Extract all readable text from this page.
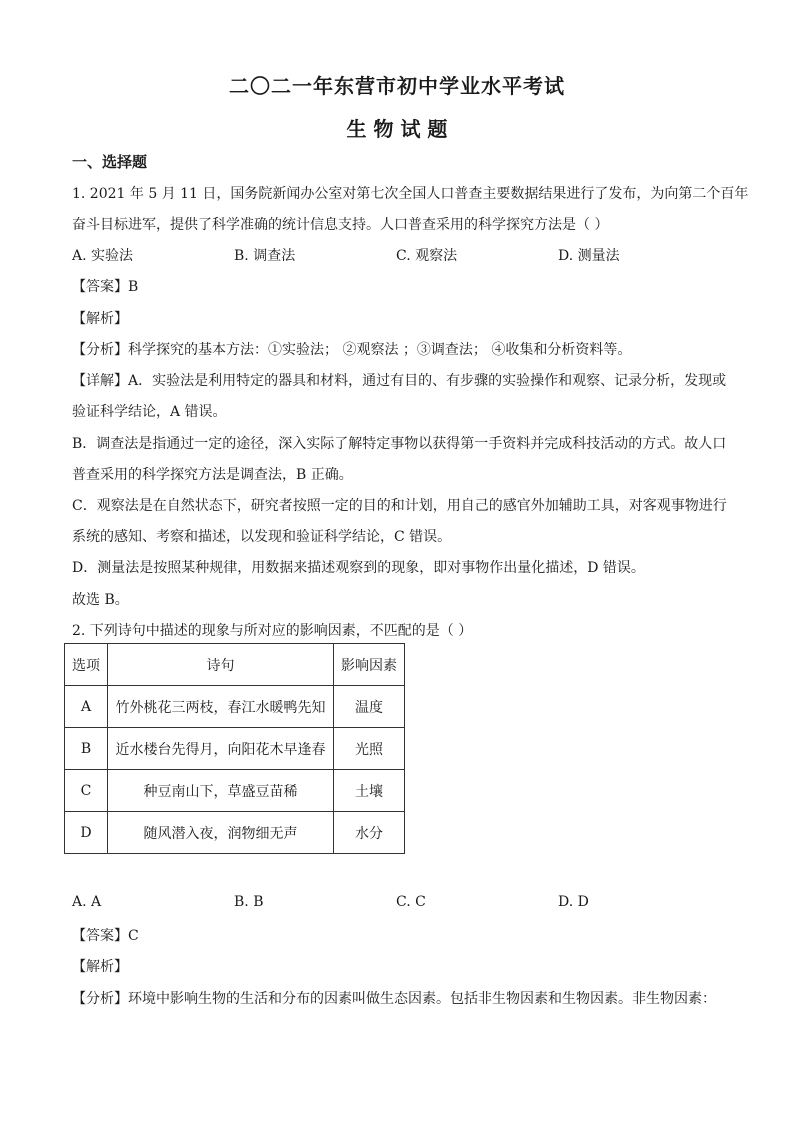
二〇二一年东营市初中学业水平考试
生 物 试 题
一、选择题
1. 2021 年 5 月 11 日，国务院新闻办公室对第七次全国人口普查主要数据结果进行了发布，为向第二个百年
奋斗目标进军，提供了科学准确的统计信息支持。人口普查采用的科学探究方法是（ ）
A. 实验法	B. 调查法	C. 观察法	D. 测量法
【答案】B
【解析】
【分析】科学探究的基本方法：①实验法； ②观察法 ；③调查法； ④收集和分析资料等。
【详解】A．实验法是利用特定的器具和材料，通过有目的、有步骤的实验操作和观察、记录分析，发现或
验证科学结论，A 错误。
B．调查法是指通过一定的途径，深入实际了解特定事物以获得第一手资料并完成科技活动的方式。故人口
普查采用的科学探究方法是调查法，B 正确。
C．观察法是在自然状态下，研究者按照一定的目的和计划，用自己的感官外加辅助工具，对客观事物进行
系统的感知、考察和描述，以发现和验证科学结论，C 错误。
D．测量法是按照某种规律，用数据来描述观察到的现象，即对事物作出量化描述，D 错误。
故选 B。
2. 下列诗句中描述的现象与所对应的影响因素，不匹配的是（ ）
选项	诗句	影响因素
A	竹外桃花三两枝，春江水暖鸭先知	温度
B	近水楼台先得月，向阳花木早逢春	光照
C	种豆南山下，草盛豆苗稀	土壤
D	随风潜入夜，润物细无声	水分
A. A	B. B	C. C	D. D
【答案】C
【解析】
【分析】环境中影响生物的生活和分布的因素叫做生态因素。包括非生物因素和生物因素。非生物因素：
